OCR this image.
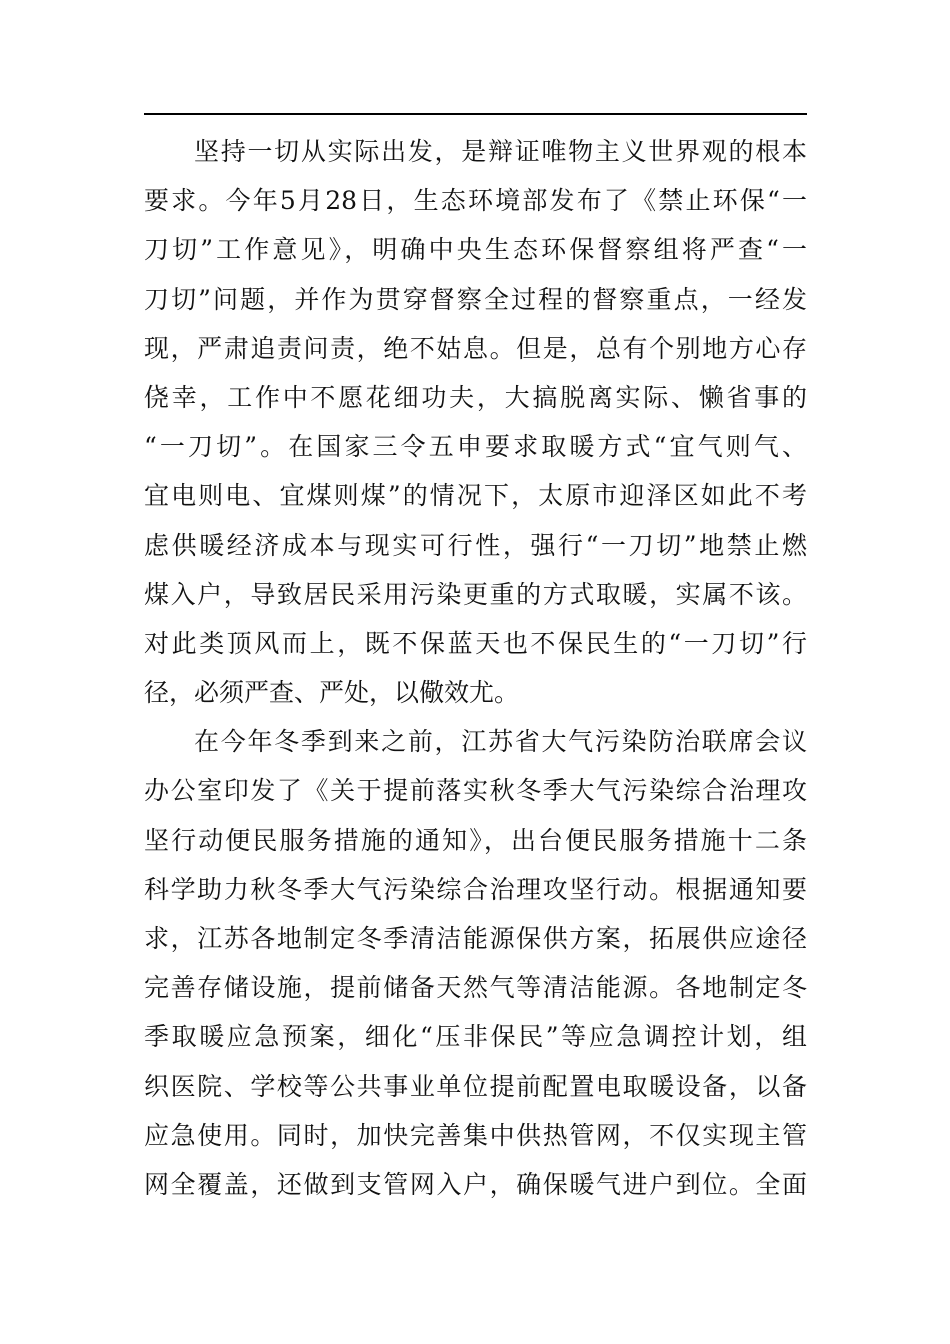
坚持一切从实际出发，是辩证唯物主义世界观的根本
要求。今年5月28日，生态环境部发布了《禁止环保“一
刀切”工作意见》，明确中央生态环保督察组将严查“一
刀切”问题，并作为贯穿督察全过程的督察重点，一经发
现，严肃追责问责，绝不姑息。但是，总有个别地方心存
侥幸，工作中不愿花细功夫，大搞脱离实际、懒省事的
“一刀切”。在国家三令五申要求取暖方式“宜气则气、
宜电则电、宜煤则煤”的情况下，太原市迎泽区如此不考
虑供暖经济成本与现实可行性，强行“一刀切”地禁止燃
煤入户，导致居民采用污染更重的方式取暖，实属不该。
对此类顶风而上，既不保蓝天也不保民生的“一刀切”行
径，必须严查、严处，以儆效尤。
在今年冬季到来之前，江苏省大气污染防治联席会议
办公室印发了《关于提前落实秋冬季大气污染综合治理攻
坚行动便民服务措施的通知》，出台便民服务措施十二条
科学助力秋冬季大气污染综合治理攻坚行动。根据通知要
求，江苏各地制定冬季清洁能源保供方案，拓展供应途径
完善存储设施，提前储备天然气等清洁能源。各地制定冬
季取暖应急预案，细化“压非保民”等应急调控计划，组
织医院、学校等公共事业单位提前配置电取暖设备，以备
应急使用。同时，加快完善集中供热管网，不仅实现主管
网全覆盖，还做到支管网入户，确保暖气进户到位。全面
